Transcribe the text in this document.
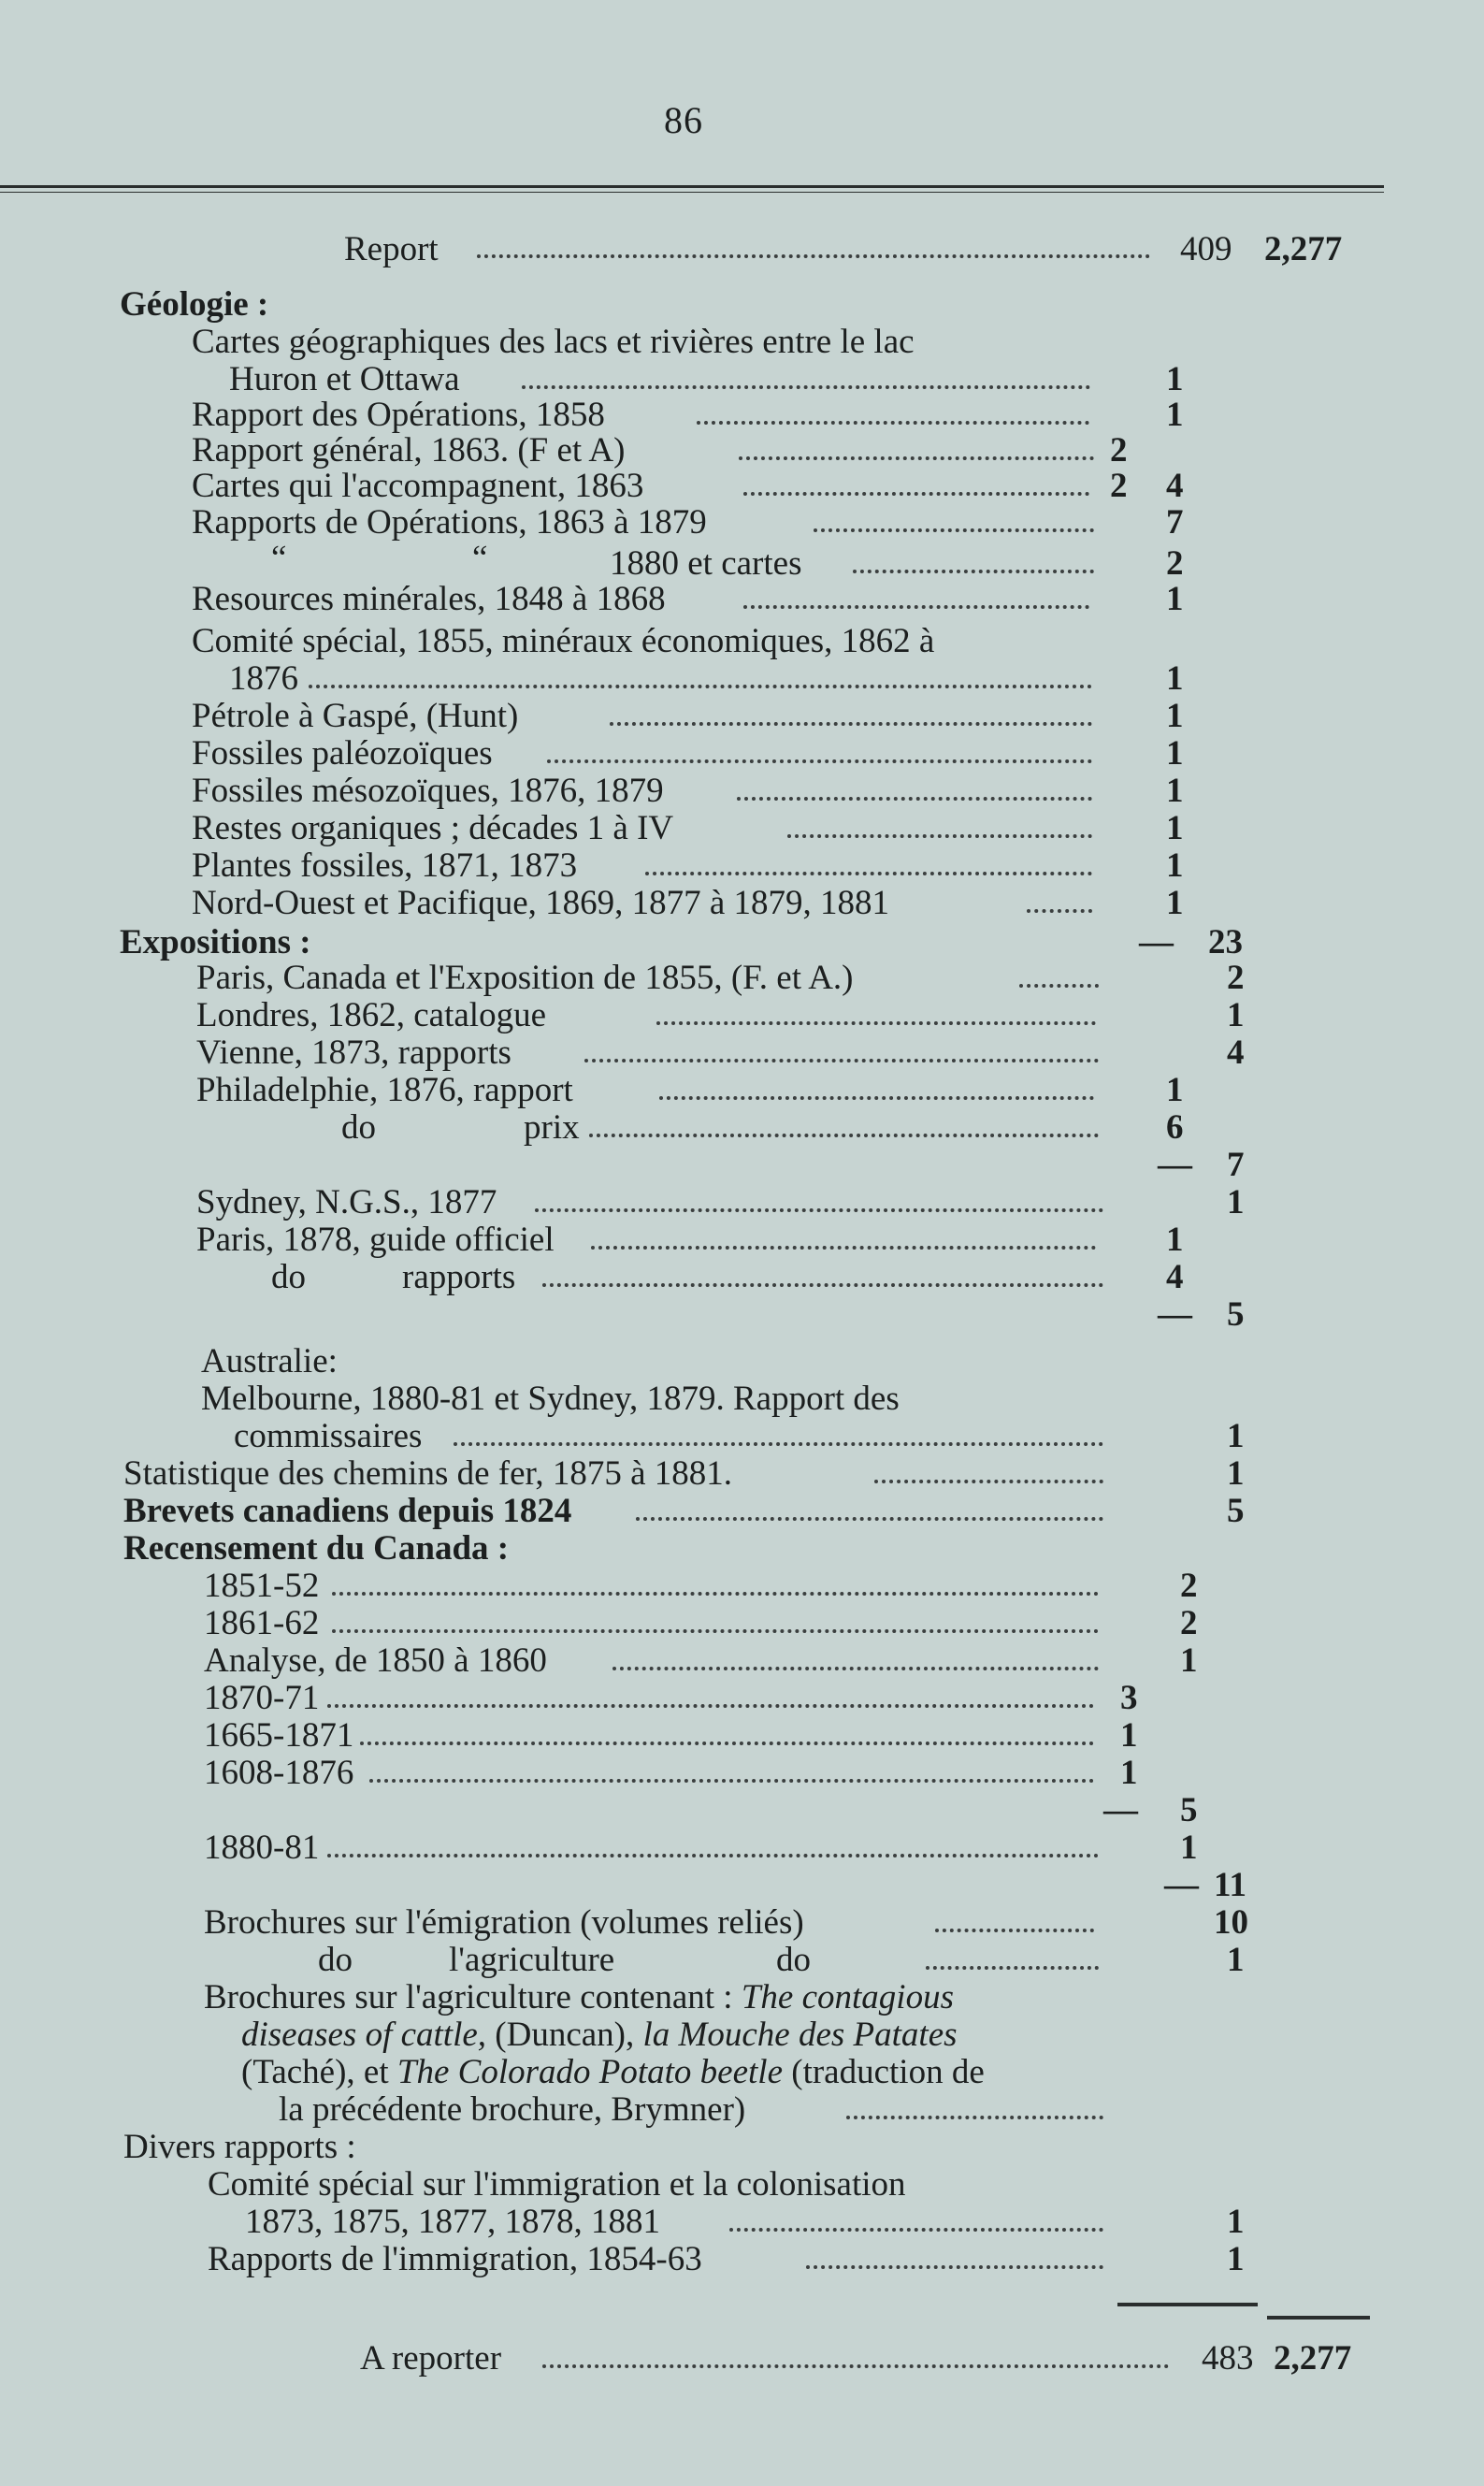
86
Report	409 2,277
Géologie :
Cartes géographiques des lacs et rivières entre le lac
Huron et Ottawa	1
Rapport des Opérations, 1858	1
Rapport général, 1863. (F et A)	2
Cartes qui l'accompagnent, 1863	2 4
Rapports de Opérations, 1863 à 1879	7
“	“	1880 et cartes	2
Resources minérales, 1848 à 1868	1
Comité spécial, 1855, minéraux économiques, 1862 à
1876	1
Pétrole à Gaspé, (Hunt)	1
Fossiles paléozoïques	1
Fossiles mésozoïques, 1876, 1879	1
Restes organiques ; décades 1 à IV	1
Plantes fossiles, 1871, 1873	1
Nord-Ouest et Pacifique, 1869, 1877 à 1879, 1881	1
Expositions :	— 23
Paris, Canada et l'Exposition de 1855, (F. et A.)	2
Londres, 1862, catalogue	1
Vienne, 1873, rapports	4
Philadelphie, 1876, rapport	1
do	prix	6
— 7
Sydney, N.G.S., 1877	1
Paris, 1878, guide officiel	1
do	rapports	4
— 5
Australie:
Melbourne, 1880-81 et Sydney, 1879. Rapport des
commissaires	1
Statistique des chemins de fer, 1875 à 1881.	1
Brevets canadiens depuis 1824	5
Recensement du Canada :
1851-52	2
1861-62	2
Analyse, de 1850 à 1860	1
1870-71	3
1665-1871	1
1608-1876	1
— 5
1880-81	1
— 11
Brochures sur l'émigration (volumes reliés)	10
do	l'agriculture	do	1
Brochures sur l'agriculture contenant : The contagious
diseases of cattle, (Duncan), la Mouche des Patates
(Taché), et The Colorado Potato beetle (traduction de
la précédente brochure, Brymner)
Divers rapports :
Comité spécial sur l'immigration et la colonisation
1873, 1875, 1877, 1878, 1881	1
Rapports de l'immigration, 1854-63	1
A reporter	483 2,277
